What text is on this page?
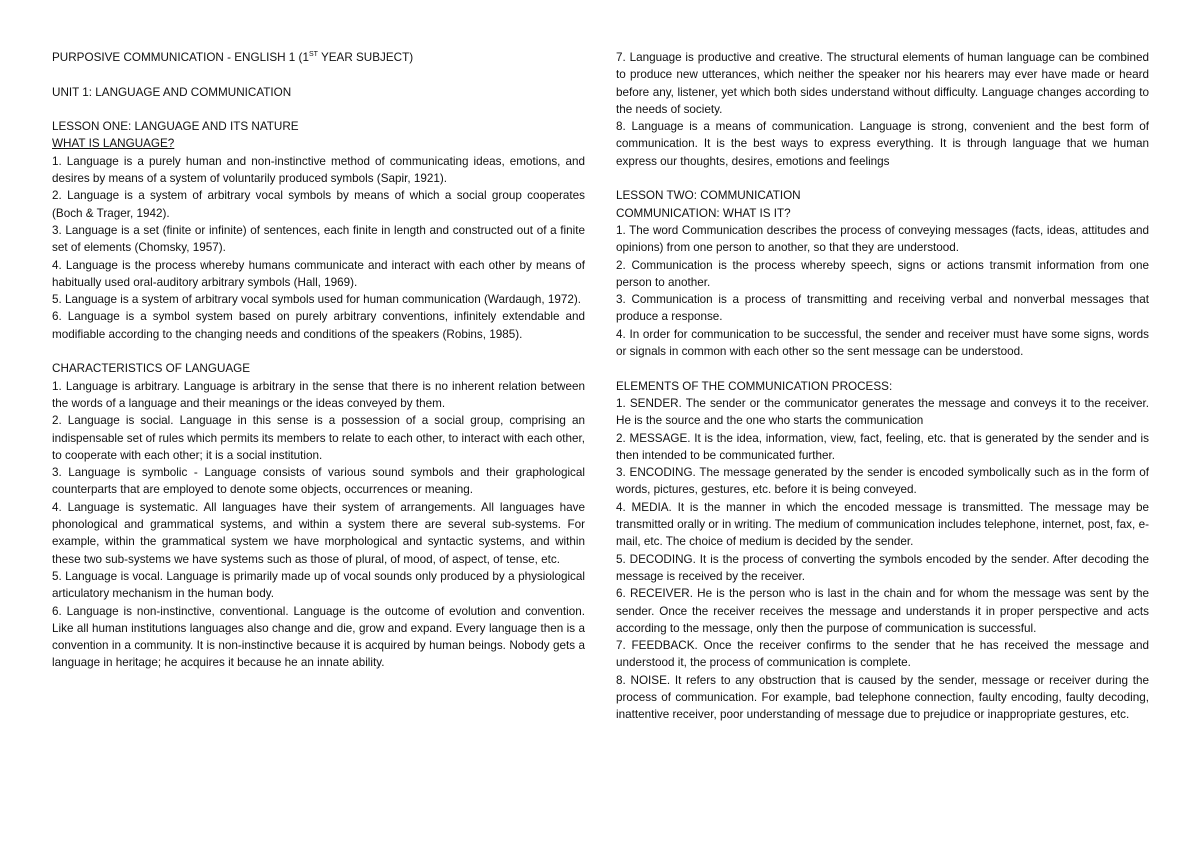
PURPOSIVE COMMUNICATION - ENGLISH 1 (1ST YEAR SUBJECT)

UNIT 1: LANGUAGE AND COMMUNICATION

LESSON ONE: LANGUAGE AND ITS NATURE

WHAT IS LANGUAGE?

1. Language is a purely human and non-instinctive method of communicating ideas, emotions, and desires by means of a system of voluntarily produced symbols (Sapir, 1921).

2. Language is a system of arbitrary vocal symbols by means of which a social group cooperates (Boch & Trager, 1942).

3. Language is a set (finite or infinite) of sentences, each finite in length and constructed out of a finite set of elements (Chomsky, 1957).

4. Language is the process whereby humans communicate and interact with each other by means of habitually used oral-auditory arbitrary symbols (Hall, 1969).

5. Language is a system of arbitrary vocal symbols used for human communication (Wardaugh, 1972).

6. Language is a symbol system based on purely arbitrary conventions, infinitely extendable and modifiable according to the changing needs and conditions of the speakers (Robins, 1985).

CHARACTERISTICS OF LANGUAGE

1. Language is arbitrary. Language is arbitrary in the sense that there is no inherent relation between the words of a language and their meanings or the ideas conveyed by them.

2. Language is social. Language in this sense is a possession of a social group, comprising an indispensable set of rules which permits its members to relate to each other, to interact with each other, to cooperate with each other; it is a social institution.

3. Language is symbolic - Language consists of various sound symbols and their graphological counterparts that are employed to denote some objects, occurrences or meaning.

4. Language is systematic. All languages have their system of arrangements. All languages have phonological and grammatical systems, and within a system there are several sub-systems. For example, within the grammatical system we have morphological and syntactic systems, and within these two sub-systems we have systems such as those of plural, of mood, of aspect, of tense, etc.

5. Language is vocal. Language is primarily made up of vocal sounds only produced by a physiological articulatory mechanism in the human body.

6. Language is non-instinctive, conventional. Language is the outcome of evolution and convention. Like all human institutions languages also change and die, grow and expand. Every language then is a convention in a community. It is non-instinctive because it is acquired by human beings. Nobody gets a language in heritage; he acquires it because he an innate ability.

7. Language is productive and creative. The structural elements of human language can be combined to produce new utterances, which neither the speaker nor his hearers may ever have made or heard before any, listener, yet which both sides understand without difficulty. Language changes according to the needs of society.

8. Language is a means of communication. Language is strong, convenient and the best form of communication. It is the best ways to express everything. It is through language that we human express our thoughts, desires, emotions and feelings

LESSON TWO: COMMUNICATION

COMMUNICATION: WHAT IS IT?

1. The word Communication describes the process of conveying messages (facts, ideas, attitudes and opinions) from one person to another, so that they are understood.

2. Communication is the process whereby speech, signs or actions transmit information from one person to another.

3. Communication is a process of transmitting and receiving verbal and nonverbal messages that produce a response.

4. In order for communication to be successful, the sender and receiver must have some signs, words or signals in common with each other so the sent message can be understood.

ELEMENTS OF THE COMMUNICATION PROCESS:

1. SENDER. The sender or the communicator generates the message and conveys it to the receiver. He is the source and the one who starts the communication

2. MESSAGE. It is the idea, information, view, fact, feeling, etc. that is generated by the sender and is then intended to be communicated further.

3. ENCODING. The message generated by the sender is encoded symbolically such as in the form of words, pictures, gestures, etc. before it is being conveyed.

4. MEDIA. It is the manner in which the encoded message is transmitted. The message may be transmitted orally or in writing. The medium of communication includes telephone, internet, post, fax, e-mail, etc. The choice of medium is decided by the sender.

5. DECODING. It is the process of converting the symbols encoded by the sender. After decoding the message is received by the receiver.

6. RECEIVER. He is the person who is last in the chain and for whom the message was sent by the sender. Once the receiver receives the message and understands it in proper perspective and acts according to the message, only then the purpose of communication is successful.

7. FEEDBACK. Once the receiver confirms to the sender that he has received the message and understood it, the process of communication is complete.

8. NOISE. It refers to any obstruction that is caused by the sender, message or receiver during the process of communication. For example, bad telephone connection, faulty encoding, faulty decoding, inattentive receiver, poor understanding of message due to prejudice or inappropriate gestures, etc.
